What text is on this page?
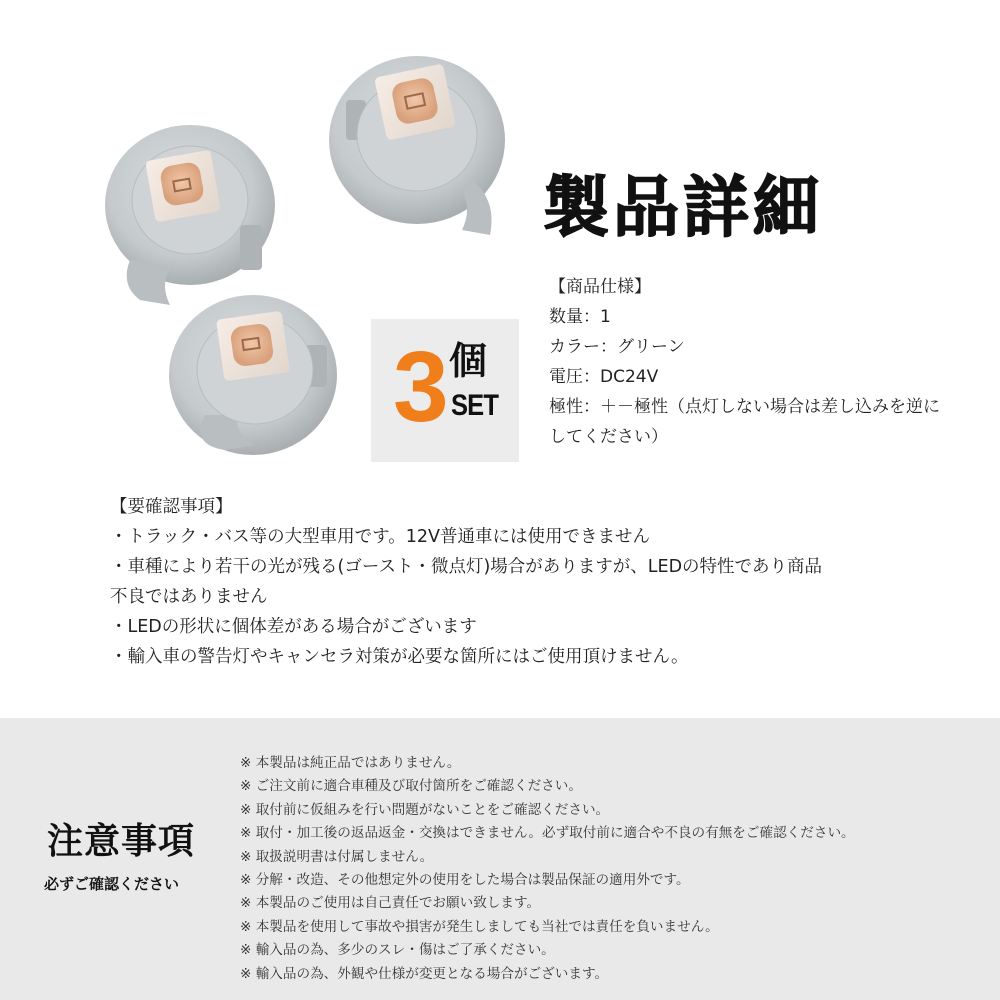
3 個
SET
製品詳細
【商品仕様】
数量：1
カラー：グリーン
電圧：DC24V
極性：＋－極性（点灯しない場合は差し込みを逆にしてください）
【要確認事項】
・トラック・バス等の大型車用です。12V普通車には使用できません
・車種により若干の光が残る(ゴースト・微点灯)場合がありますが、LEDの特性であり商品
不良ではありません
・LEDの形状に個体差がある場合がございます
・輸入車の警告灯やキャンセラ対策が必要な箇所にはご使用頂けません。
注意事項
必ずご確認ください
※ 本製品は純正品ではありません。
※ ご注文前に適合車種及び取付箇所をご確認ください。
※ 取付前に仮組みを行い問題がないことをご確認ください。
※ 取付・加工後の返品返金・交換はできません。必ず取付前に適合や不良の有無をご確認ください。
※ 取扱説明書は付属しません。
※ 分解・改造、その他想定外の使用をした場合は製品保証の適用外です。
※ 本製品のご使用は自己責任でお願い致します。
※ 本製品を使用して事故や損害が発生しましても当社では責任を負いません。
※ 輸入品の為、多少のスレ・傷はご了承ください。
※ 輸入品の為、外観や仕様が変更となる場合がございます。
